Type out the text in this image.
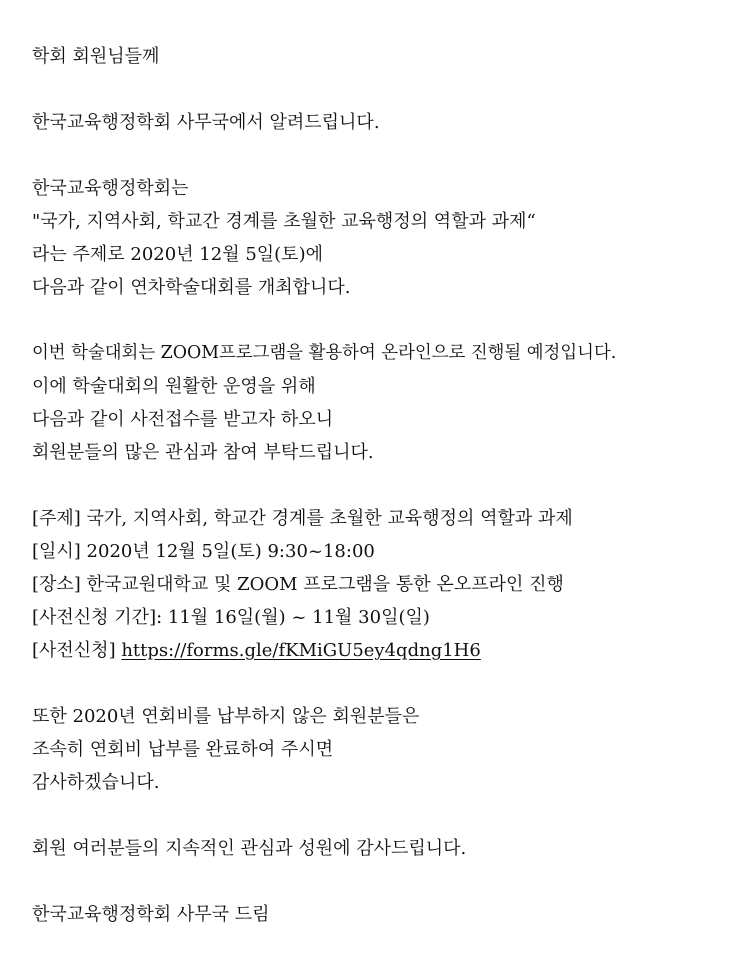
학회 회원님들께
한국교육행정학회 사무국에서 알려드립니다.
한국교육행정학회는
"국가, 지역사회, 학교간 경계를 초월한 교육행정의 역할과 과제“
라는 주제로 2020년 12월 5일(토)에
다음과 같이 연차학술대회를 개최합니다.
이번 학술대회는 ZOOM프로그램을 활용하여 온라인으로 진행될 예정입니다.
이에 학술대회의 원활한 운영을 위해
다음과 같이 사전접수를 받고자 하오니
회원분들의 많은 관심과 참여 부탁드립니다.
[주제] 국가, 지역사회, 학교간 경계를 초월한 교육행정의 역할과 과제
[일시] 2020년 12월 5일(토) 9:30~18:00
[장소] 한국교원대학교 및 ZOOM 프로그램을 통한 온오프라인 진행
[사전신청 기간]: 11월 16일(월) ~ 11월 30일(일)
[사전신청] https://forms.gle/fKMiGU5ey4qdng1H6
또한 2020년 연회비를 납부하지 않은 회원분들은
조속히 연회비 납부를 완료하여 주시면
감사하겠습니다.
회원 여러분들의 지속적인 관심과 성원에 감사드립니다.
한국교육행정학회 사무국 드림
